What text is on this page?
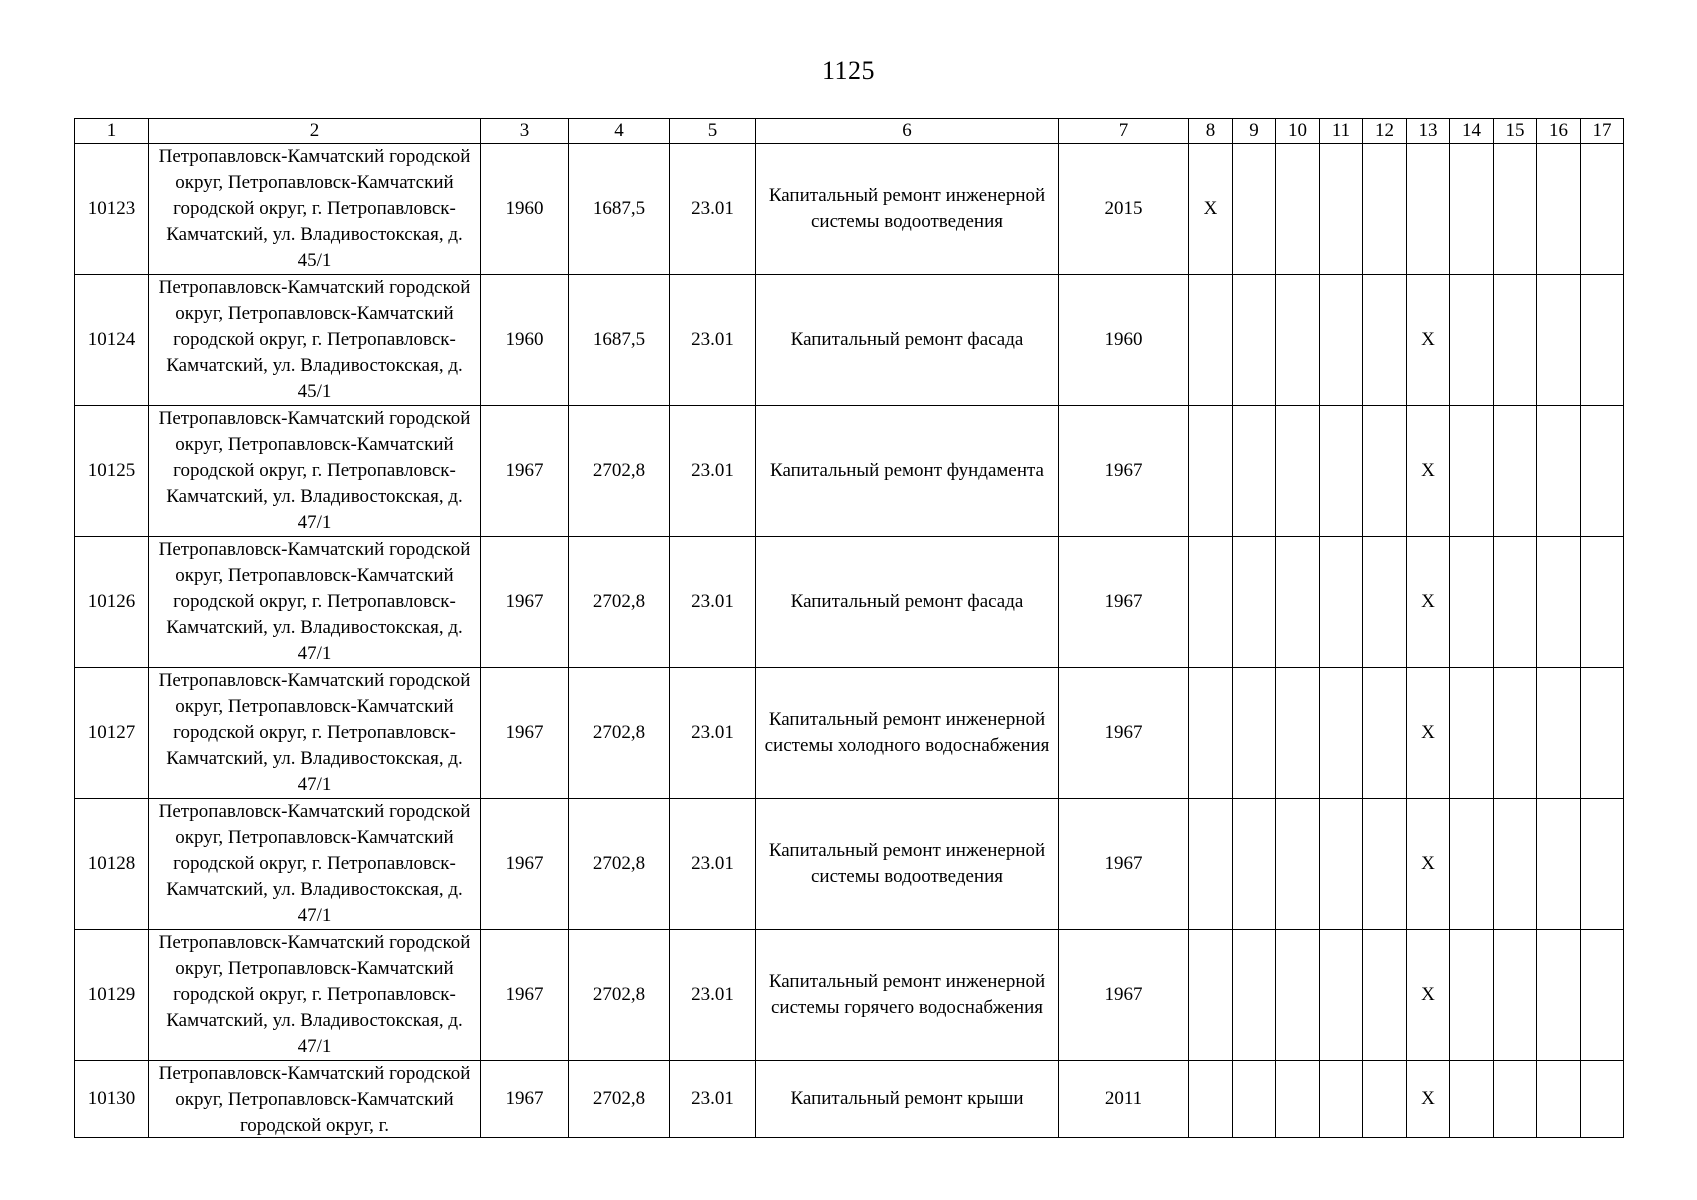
1125
1	2	3	4	5	6	7	8	9	10	11	12	13	14	15	16	17
10123	Петропавловск-Камчатский городской округ, Петропавловск-Камчатский городской округ, г. Петропавловск-Камчатский, ул. Владивостокская, д. 45/1	1960	1687,5	23.01	Капитальный ремонт инженерной системы водоотведения	2015	X									
10124	Петропавловск-Камчатский городской округ, Петропавловск-Камчатский городской округ, г. Петропавловск-Камчатский, ул. Владивостокская, д. 45/1	1960	1687,5	23.01	Капитальный ремонт фасада	1960						X				
10125	Петропавловск-Камчатский городской округ, Петропавловск-Камчатский городской округ, г. Петропавловск-Камчатский, ул. Владивостокская, д. 47/1	1967	2702,8	23.01	Капитальный ремонт фундамента	1967						X				
10126	Петропавловск-Камчатский городской округ, Петропавловск-Камчатский городской округ, г. Петропавловск-Камчатский, ул. Владивостокская, д. 47/1	1967	2702,8	23.01	Капитальный ремонт фасада	1967						X				
10127	Петропавловск-Камчатский городской округ, Петропавловск-Камчатский городской округ, г. Петропавловск-Камчатский, ул. Владивостокская, д. 47/1	1967	2702,8	23.01	Капитальный ремонт инженерной системы холодного водоснабжения	1967						X				
10128	Петропавловск-Камчатский городской округ, Петропавловск-Камчатский городской округ, г. Петропавловск-Камчатский, ул. Владивостокская, д. 47/1	1967	2702,8	23.01	Капитальный ремонт инженерной системы водоотведения	1967						X				
10129	Петропавловск-Камчатский городской округ, Петропавловск-Камчатский городской округ, г. Петропавловск-Камчатский, ул. Владивостокская, д. 47/1	1967	2702,8	23.01	Капитальный ремонт инженерной системы горячего водоснабжения	1967						X				
10130	Петропавловск-Камчатский городской округ, Петропавловск-Камчатский городской округ, г.	1967	2702,8	23.01	Капитальный ремонт крыши	2011						X				
